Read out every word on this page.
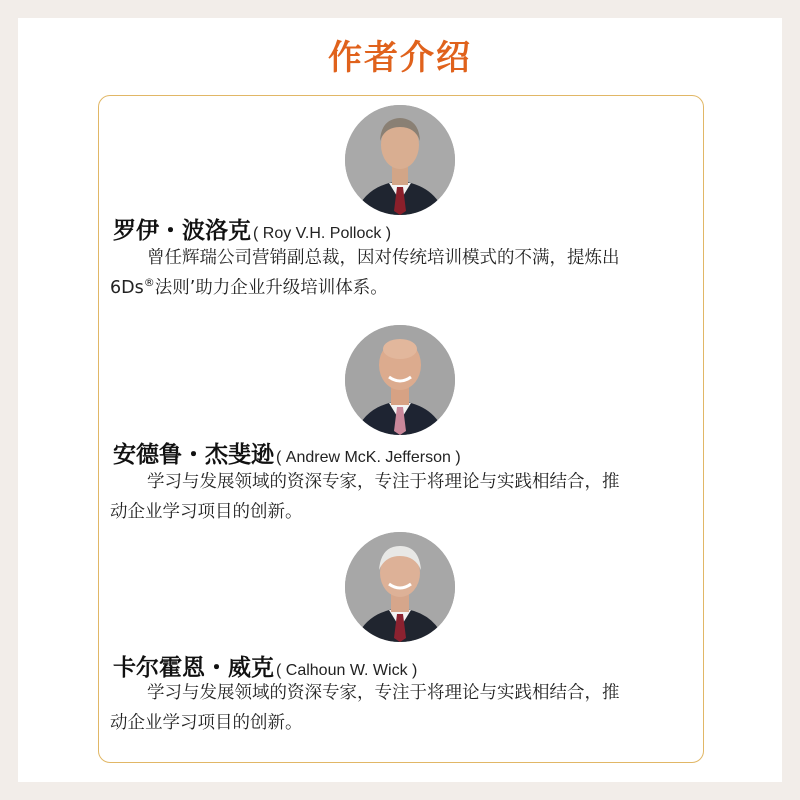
作者介绍
罗伊・波洛克 ( Roy V.H. Pollock )
曾任辉瑞公司营销副总裁，因对传统培训模式的不满，提炼出
6Ds®法则’助力企业升级培训体系。
安德鲁・杰斐逊 ( Andrew McK. Jefferson )
学习与发展领域的资深专家，专注于将理论与实践相结合，推
动企业学习项目的创新。
卡尔霍恩・威克 ( Calhoun W. Wick )
学习与发展领域的资深专家，专注于将理论与实践相结合，推
动企业学习项目的创新。
